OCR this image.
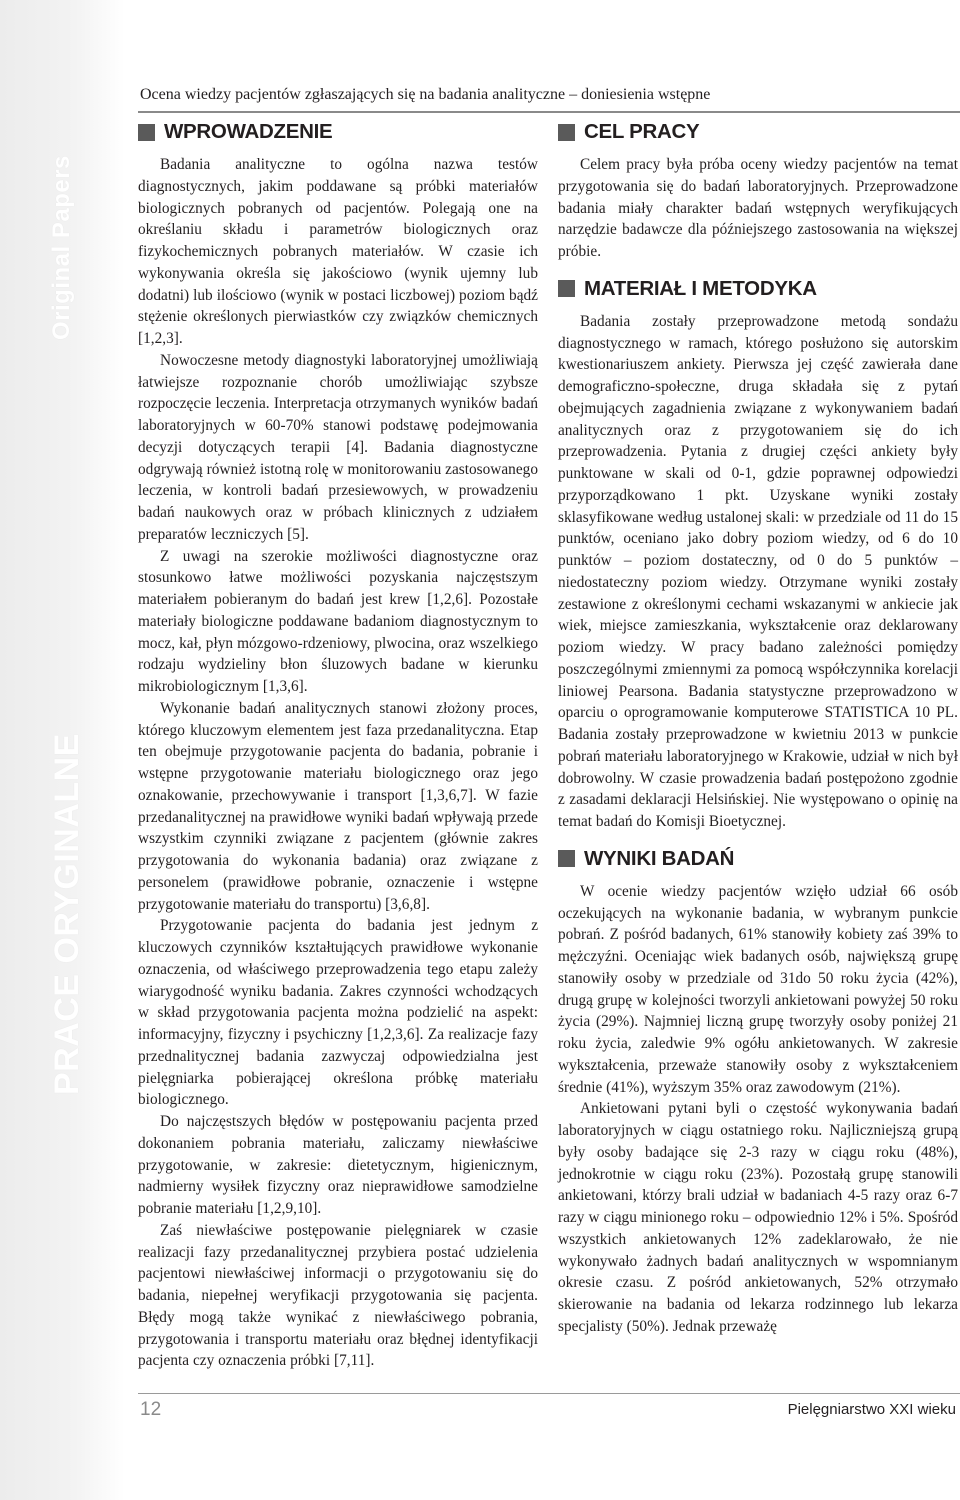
Original Papers
PRACE ORYGINALNE
Ocena wiedzy pacjentów zgłaszających się na badania analityczne – doniesienia wstępne
WPROWADZENIE

Badania analityczne to ogólna nazwa testów diagnostycznych, jakim poddawane są próbki materiałów biologicznych pobranych od pacjentów. Polegają one na określaniu składu i parametrów biologicznych oraz fizykochemicznych pobranych materiałów. W czasie ich wykonywania określa się jakościowo (wynik ujemny lub dodatni) lub ilościowo (wynik w postaci liczbowej) poziom bądź stężenie określonych pierwiastków czy związków chemicznych [1,2,3].

Nowoczesne metody diagnostyki laboratoryjnej umożliwiają łatwiejsze rozpoznanie chorób umożliwiając szybsze rozpoczęcie leczenia. Interpretacja otrzymanych wyników badań laboratoryjnych w 60-70% stanowi podstawę podejmowania decyzji dotyczących terapii [4]. Badania diagnostyczne odgrywają również istotną rolę w monitorowaniu zastosowanego leczenia, w kontroli badań przesiewowych, w prowadzeniu badań naukowych oraz w próbach klinicznych z udziałem preparatów leczniczych [5].

Z uwagi na szerokie możliwości diagnostyczne oraz stosunkowo łatwe możliwości pozyskania najczęstszym materiałem pobieranym do badań jest krew [1,2,6]. Pozostałe materiały biologiczne poddawane badaniom diagnostycznym to mocz, kał, płyn mózgowo-rdzeniowy, plwocina, oraz wszelkiego rodzaju wydzieliny błon śluzowych badane w kierunku mikrobiologicznym [1,3,6].

Wykonanie badań analitycznych stanowi złożony proces, którego kluczowym elementem jest faza przedanalityczna. Etap ten obejmuje przygotowanie pacjenta do badania, pobranie i wstępne przygotowanie materiału biologicznego oraz jego oznakowanie, przechowywanie i transport [1,3,6,7]. W fazie przedanalitycznej na prawidłowe wyniki badań wpływają przede wszystkim czynniki związane z pacjentem (głównie zakres przygotowania do wykonania badania) oraz związane z personelem (prawidłowe pobranie, oznaczenie i wstępne przygotowanie materiału do transportu) [3,6,8].

Przygotowanie pacjenta do badania jest jednym z kluczowych czynników kształtujących prawidłowe wykonanie oznaczenia, od właściwego przeprowadzenia tego etapu zależy wiarygodność wyniku badania. Zakres czynności wchodzących w skład przygotowania pacjenta można podzielić na aspekt: informacyjny, fizyczny i psychiczny [1,2,3,6]. Za realizacje fazy przednalitycznej badania zazwyczaj odpowiedzialna jest pielęgniarka pobierającej określona próbkę materiału biologicznego.

Do najczęstszych błędów w postępowaniu pacjenta przed dokonaniem pobrania materiału, zaliczamy niewłaściwe przygotowanie, w zakresie: dietetycznym, higienicznym, nadmierny wysiłek fizyczny oraz nieprawidłowe samodzielne pobranie materiału [1,2,9,10].

Zaś niewłaściwe postępowanie pielęgniarek w czasie realizacji fazy przedanalitycznej przybiera postać udzielenia pacjentowi niewłaściwej informacji o przygotowaniu się do badania, niepełnej weryfikacji przygotowania się pacjenta. Błędy mogą także wynikać z niewłaściwego pobrania, przygotowania i transportu materiału oraz błędnej identyfikacji pacjenta czy oznaczenia próbki [7,11].

CEL PRACY

Celem pracy była próba oceny wiedzy pacjentów na temat przygotowania się do badań laboratoryjnych. Przeprowadzone badania miały charakter badań wstępnych weryfikujących narzędzie badawcze dla późniejszego zastosowania na większej próbie.

MATERIAŁ I METODYKA

Badania zostały przeprowadzone metodą sondażu diagnostycznego w ramach, którego posłużono się autorskim kwestionariuszem ankiety. Pierwsza jej część zawierała dane demograficzno-społeczne, druga składała się z pytań obejmujących zagadnienia związane z wykonywaniem badań analitycznych oraz z przygotowaniem się do ich przeprowadzenia. Pytania z drugiej części ankiety były punktowane w skali od 0-1, gdzie poprawnej odpowiedzi przyporządkowano 1 pkt. Uzyskane wyniki zostały sklasyfikowane według ustalonej skali: w przedziale od 11 do 15 punktów, oceniano jako dobry poziom wiedzy, od 6 do 10 punktów – poziom dostateczny, od 0 do 5 punktów – niedostateczny poziom wiedzy. Otrzymane wyniki zostały zestawione z określonymi cechami wskazanymi w ankiecie jak wiek, miejsce zamieszkania, wykształcenie oraz deklarowany poziom wiedzy. W pracy badano zależności pomiędzy poszczególnymi zmiennymi za pomocą współczynnika korelacji liniowej Pearsona. Badania statystyczne przeprowadzono w oparciu o oprogramowanie komputerowe STATISTICA 10 PL. Badania zostały przeprowadzone w kwietniu 2013 w punkcie pobrań materiału laboratoryjnego w Krakowie, udział w nich był dobrowolny. W czasie prowadzenia badań postępożono zgodnie z zasadami deklaracji Helsińskiej. Nie występowano o opinię na temat badań do Komisji Bioetycznej.

WYNIKI BADAŃ

W ocenie wiedzy pacjentów wzięło udział 66 osób oczekujących na wykonanie badania, w wybranym punkcie pobrań. Z pośród badanych, 61% stanowiły kobiety zaś 39% to mężczyźni. Oceniając wiek badanych osób, największą grupę stanowiły osoby w przedziale od 31do 50 roku życia (42%), drugą grupę w kolejności tworzyli ankietowani powyżej 50 roku życia (29%). Najmniej liczną grupę tworzyły osoby poniżej 21 roku życia, zaledwie 9% ogółu ankietowanych. W zakresie wykształcenia, przeważe stanowiły osoby z wykształceniem średnie (41%), wyższym 35% oraz zawodowym (21%).

Ankietowani pytani byli o częstość wykonywania badań laboratoryjnych w ciągu ostatniego roku. Najliczniejszą grupą były osoby badające się 2-3 razy w ciągu roku (48%), jednokrotnie w ciągu roku (23%). Pozostałą grupę stanowili ankietowani, którzy brali udział w badaniach 4-5 razy oraz 6-7 razy w ciągu minionego roku – odpowiednio 12% i 5%. Spośród wszystkich ankietowanych 12% zadeklarowało, że nie wykonywało żadnych badań analitycznych w wspomnianym okresie czasu. Z pośród ankietowanych, 52% otrzymało skierowanie na badania od lekarza rodzinnego lub lekarza specjalisty (50%). Jednak przeważę

12	Pielęgniarstwo XXI wieku
